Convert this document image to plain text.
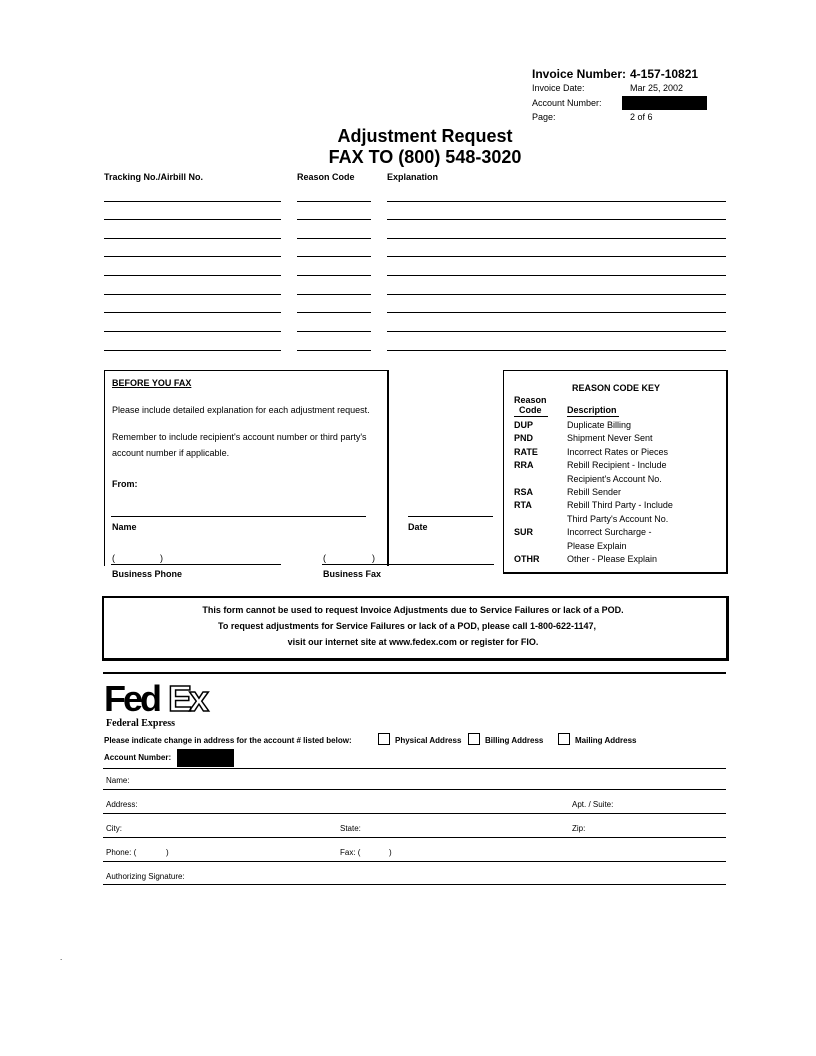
Invoice Number: 4-157-10821
Invoice Date:	Mar 25, 2002
Account Number:
Page:	2 of 6
Adjustment Request
FAX TO (800) 548-3020
Tracking No./Airbill No.	Reason Code	Explanation
BEFORE YOU FAX
Please include detailed explanation for each adjustment request.
Remember to include recipient's account number or third party's
account number if applicable.
From:
Name	Date
(	)	(	)
Business Phone	Business Fax
REASON CODE KEY
Reason
Code	Description
DUP	Duplicate Billing
PND	Shipment Never Sent
RATE	Incorrect Rates or Pieces
RRA	Rebill Recipient - Include
Recipient's Account No.
RSA	Rebill Sender
RTA	Rebill Third Party - Include
Third Party's Account No.
SUR	Incorrect Surcharge -
Please Explain
OTHR	Other - Please Explain
This form cannot be used to request Invoice Adjustments due to Service Failures or lack of a POD.
To request adjustments for Service Failures or lack of a POD, please call 1-800-622-1147,
visit our internet site at www.fedex.com or register for FIO.
Fed Ex
Federal Express
Please indicate change in address for the account # listed below:	Physical Address	Billing Address	Mailing Address
Account Number:
Name:
Address:	Apt. / Suite:
City:	State:	Zip:
Phone: (	)	Fax: (	)
Authorizing Signature:
.
